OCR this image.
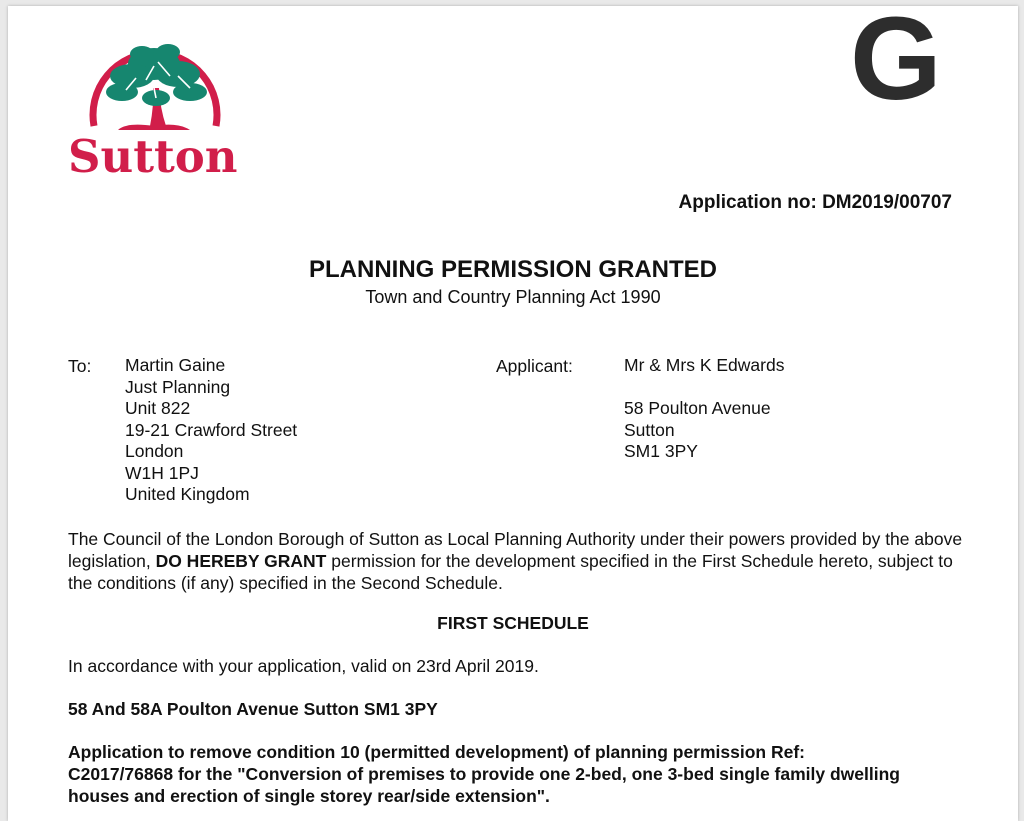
Sutton
G
Application no: DM2019/00707
PLANNING PERMISSION GRANTED
Town and Country Planning Act 1990
To: Martin Gaine
Just Planning
Unit 822
19-21 Crawford Street
London
W1H 1PJ
United Kingdom
Applicant:	Mr & Mrs K Edwards
58 Poulton Avenue
Sutton
SM1 3PY
The Council of the London Borough of Sutton as Local Planning Authority under their powers provided by the above legislation, DO HEREBY GRANT permission for the development specified in the First Schedule hereto, subject to the conditions (if any) specified in the Second Schedule.
FIRST SCHEDULE
In accordance with your application, valid on 23rd April 2019.
58 And 58A Poulton Avenue Sutton SM1 3PY
Application to remove condition 10 (permitted development) of planning permission Ref:
C2017/76868 for the "Conversion of premises to provide one 2-bed, one 3-bed single family dwelling
houses and erection of single storey rear/side extension".
